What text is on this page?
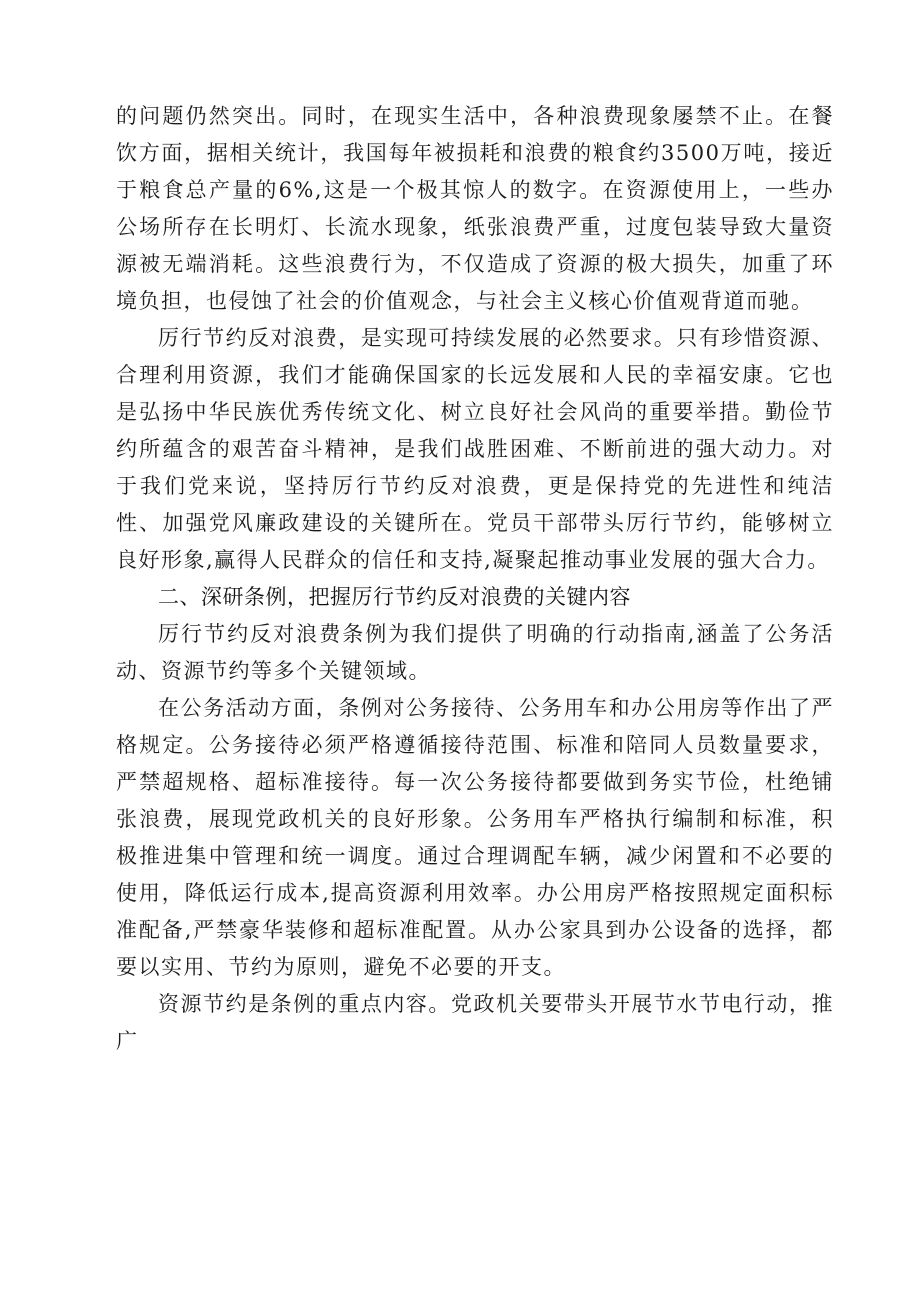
的问题仍然突出。同时，在现实生活中，各种浪费现象屡禁不止。在餐饮方面，据相关统计，我国每年被损耗和浪费的粮食约3500万吨，接近于粮食总产量的6%,这是一个极其惊人的数字。在资源使用上，一些办公场所存在长明灯、长流水现象，纸张浪费严重，过度包装导致大量资源被无端消耗。这些浪费行为，不仅造成了资源的极大损失，加重了环境负担，也侵蚀了社会的价值观念，与社会主义核心价值观背道而驰。

厉行节约反对浪费，是实现可持续发展的必然要求。只有珍惜资源、合理利用资源，我们才能确保国家的长远发展和人民的幸福安康。它也是弘扬中华民族优秀传统文化、树立良好社会风尚的重要举措。勤俭节约所蕴含的艰苦奋斗精神，是我们战胜困难、不断前进的强大动力。对于我们党来说，坚持厉行节约反对浪费，更是保持党的先进性和纯洁性、加强党风廉政建设的关键所在。党员干部带头厉行节约，能够树立良好形象,赢得人民群众的信任和支持,凝聚起推动事业发展的强大合力。

二、深研条例，把握厉行节约反对浪费的关键内容

厉行节约反对浪费条例为我们提供了明确的行动指南,涵盖了公务活动、资源节约等多个关键领域。

在公务活动方面，条例对公务接待、公务用车和办公用房等作出了严格规定。公务接待必须严格遵循接待范围、标准和陪同人员数量要求，严禁超规格、超标准接待。每一次公务接待都要做到务实节俭，杜绝铺张浪费，展现党政机关的良好形象。公务用车严格执行编制和标准，积极推进集中管理和统一调度。通过合理调配车辆，减少闲置和不必要的使用，降低运行成本,提高资源利用效率。办公用房严格按照规定面积标准配备,严禁豪华装修和超标准配置。从办公家具到办公设备的选择，都要以实用、节约为原则，避免不必要的开支。

资源节约是条例的重点内容。党政机关要带头开展节水节电行动，推广
